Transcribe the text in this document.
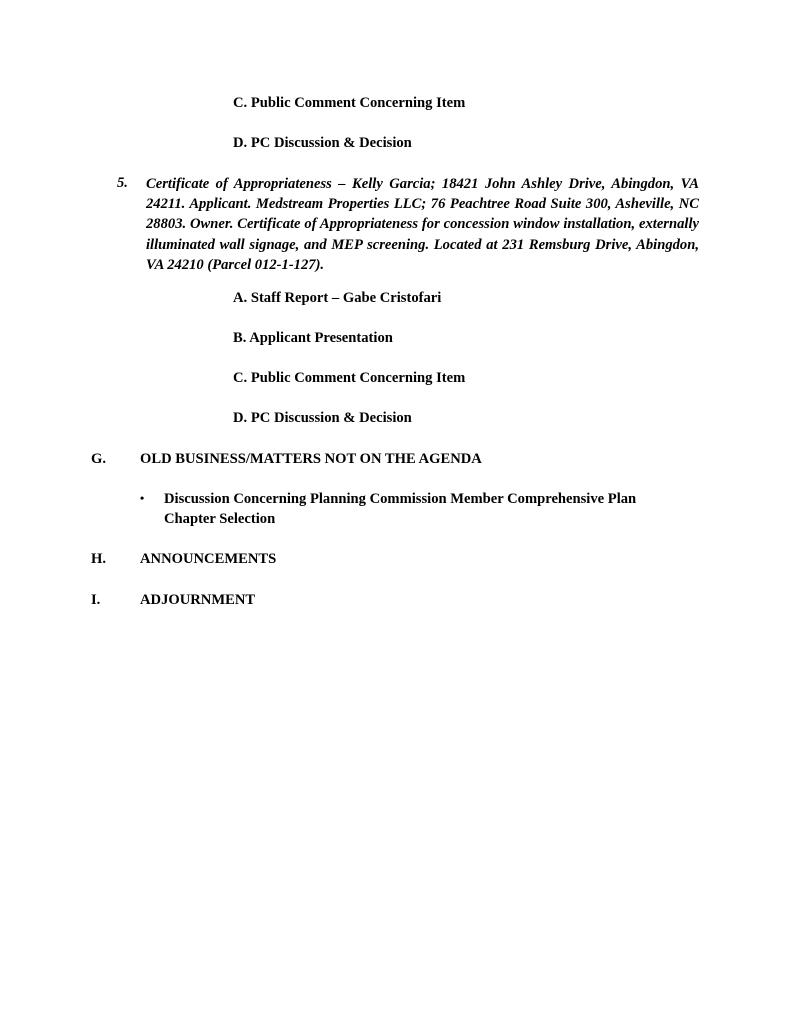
C. Public Comment Concerning Item
D. PC Discussion & Decision
5. Certificate of Appropriateness – Kelly Garcia; 18421 John Ashley Drive, Abingdon, VA 24211. Applicant. Medstream Properties LLC; 76 Peachtree Road Suite 300, Asheville, NC 28803. Owner. Certificate of Appropriateness for concession window installation, externally illuminated wall signage, and MEP screening. Located at 231 Remsburg Drive, Abingdon, VA 24210 (Parcel 012-1-127).
A. Staff Report – Gabe Cristofari
B. Applicant Presentation
C. Public Comment Concerning Item
D. PC Discussion & Decision
G. OLD BUSINESS/MATTERS NOT ON THE AGENDA
• Discussion Concerning Planning Commission Member Comprehensive Plan Chapter Selection
H. ANNOUNCEMENTS
I.	ADJOURNMENT
